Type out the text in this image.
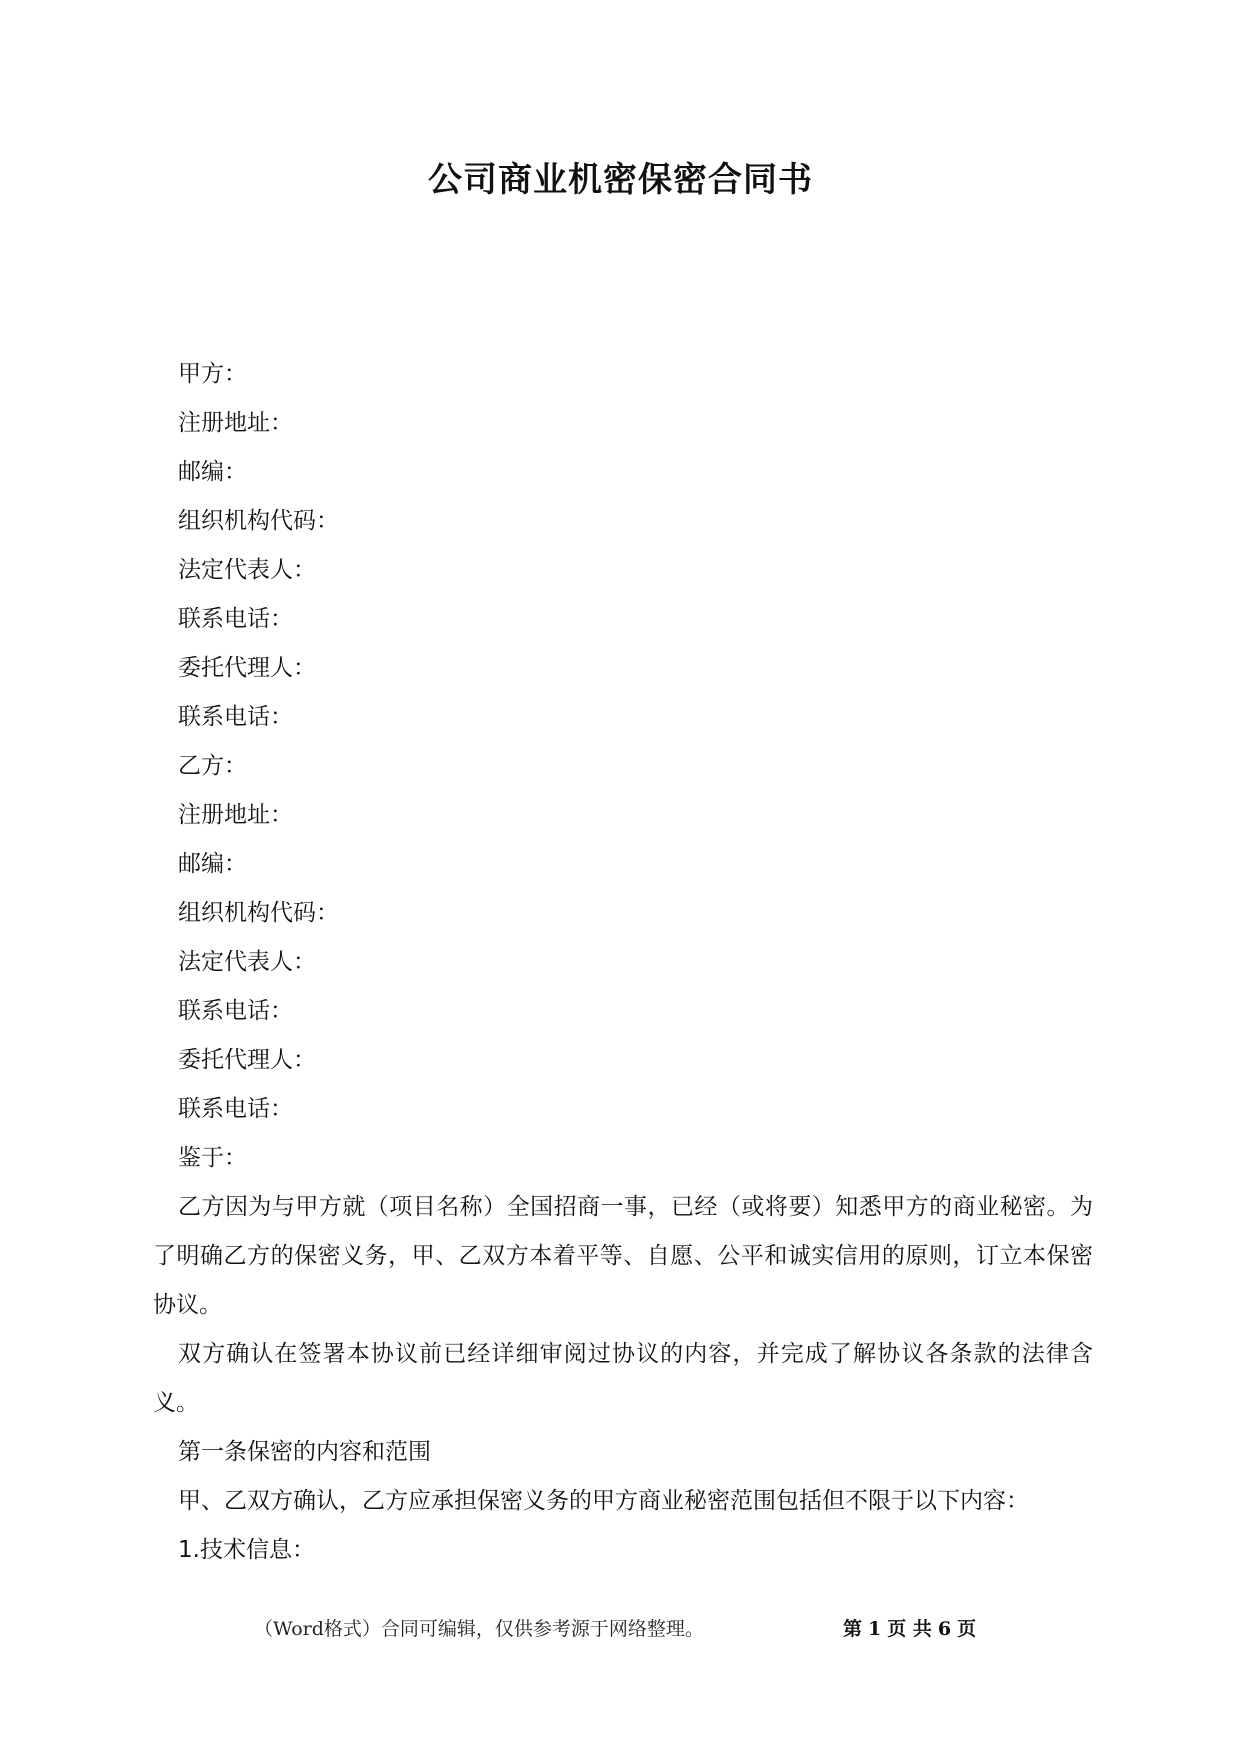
公司商业机密保密合同书
甲方：
注册地址：
邮编：
组织机构代码：
法定代表人：
联系电话：
委托代理人：
联系电话：
乙方：
注册地址：
邮编：
组织机构代码：
法定代表人：
联系电话：
委托代理人：
联系电话：
鉴于：

乙方因为与甲方就（项目名称）全国招商一事，已经（或将要）知悉甲方的商业秘密。为了明确乙方的保密义务，甲、乙双方本着平等、自愿、公平和诚实信用的原则，订立本保密协议。

双方确认在签署本协议前已经详细审阅过协议的内容，并完成了解协议各条款的法律含义。

第一条保密的内容和范围
甲、乙双方确认，乙方应承担保密义务的甲方商业秘密范围包括但不限于以下内容：
1.技术信息：
（Word格式）合同可编辑，仅供参考源于网络整理。	第 1 页 共 6 页
